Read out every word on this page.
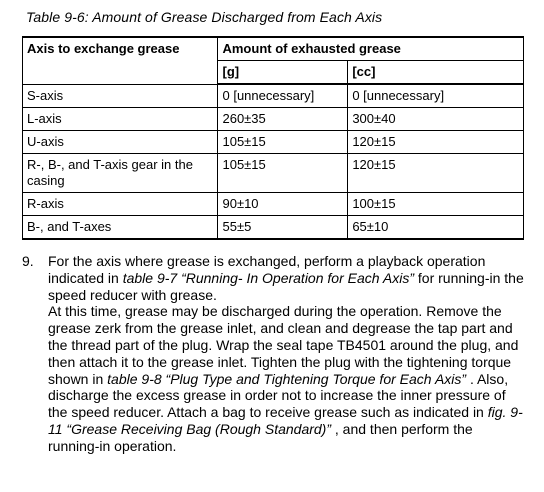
Table 9-6: Amount of Grease Discharged from Each Axis
Axis to exchange grease	Amount of exhausted grease	
	[g]	[cc]
S-axis	0 [unnecessary]	0 [unnecessary]
L-axis	260±35	300±40
U-axis	105±15	120±15
R-, B-, and T-axis gear in the casing	105±15	120±15
R-axis	90±10	100±15
B-, and T-axes	55±5	65±10
9. For the axis where grease is exchanged, perform a playback operation indicated in table 9-7 “Running- In Operation for Each Axis” for running-in the speed reducer with grease.

At this time, grease may be discharged during the operation. Remove the grease zerk from the grease inlet, and clean and degrease the tap part and the thread part of the plug. Wrap the seal tape TB4501 around the plug, and then attach it to the grease inlet. Tighten the plug with the tightening torque shown in table 9-8 “Plug Type and Tightening Torque for Each Axis” . Also, discharge the excess grease in order not to increase the inner pressure of the speed reducer. Attach a bag to receive grease such as indicated in fig. 9-11 “Grease Receiving Bag (Rough Standard)” , and then perform the running-in operation.
